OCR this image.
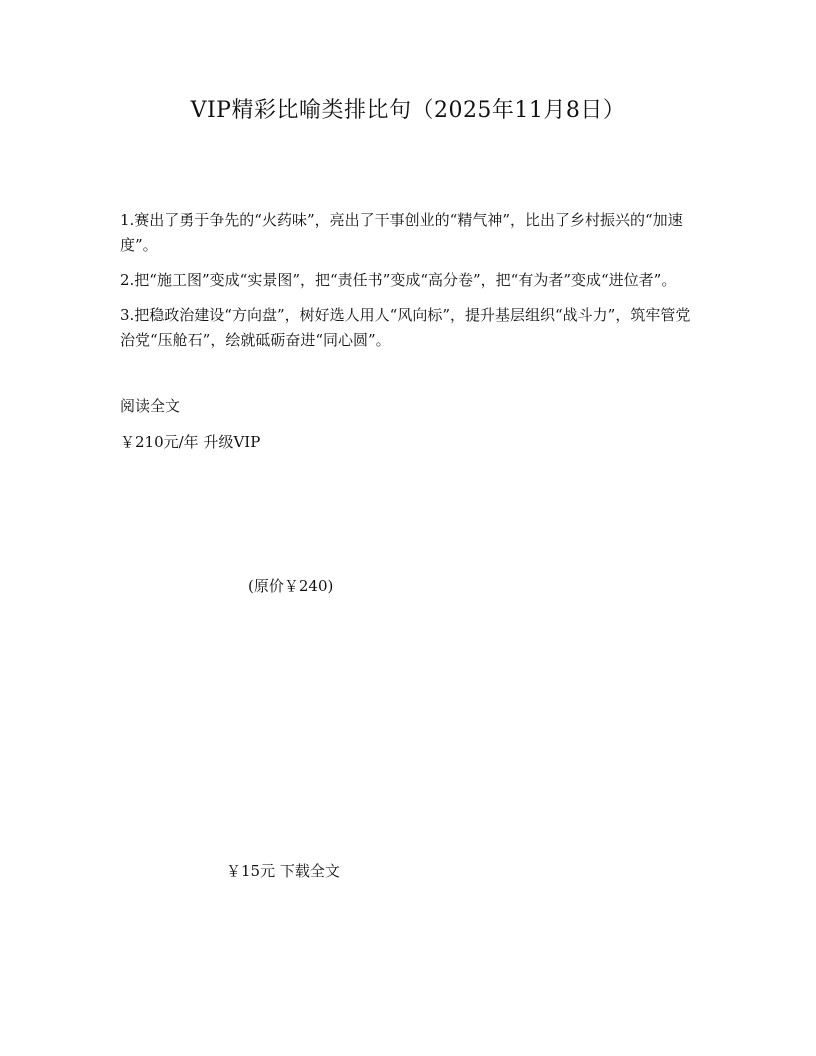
VIP精彩比喻类排比句（2025年11月8日）

1.赛出了勇于争先的“火药味”，亮出了干事创业的“精气神”，比出了乡村振兴的“加速度”。

2.把“施工图”变成“实景图”，把“责任书”变成“高分卷”，把“有为者”变成“进位者”。

3.把稳政治建设“方向盘”，树好选人用人“风向标”，提升基层组织“战斗力”，筑牢管党治党“压舱石”，绘就砥砺奋进“同心圆”。

阅读全文
￥210元/年 升级VIP
(原价￥240)
￥15元 下载全文
